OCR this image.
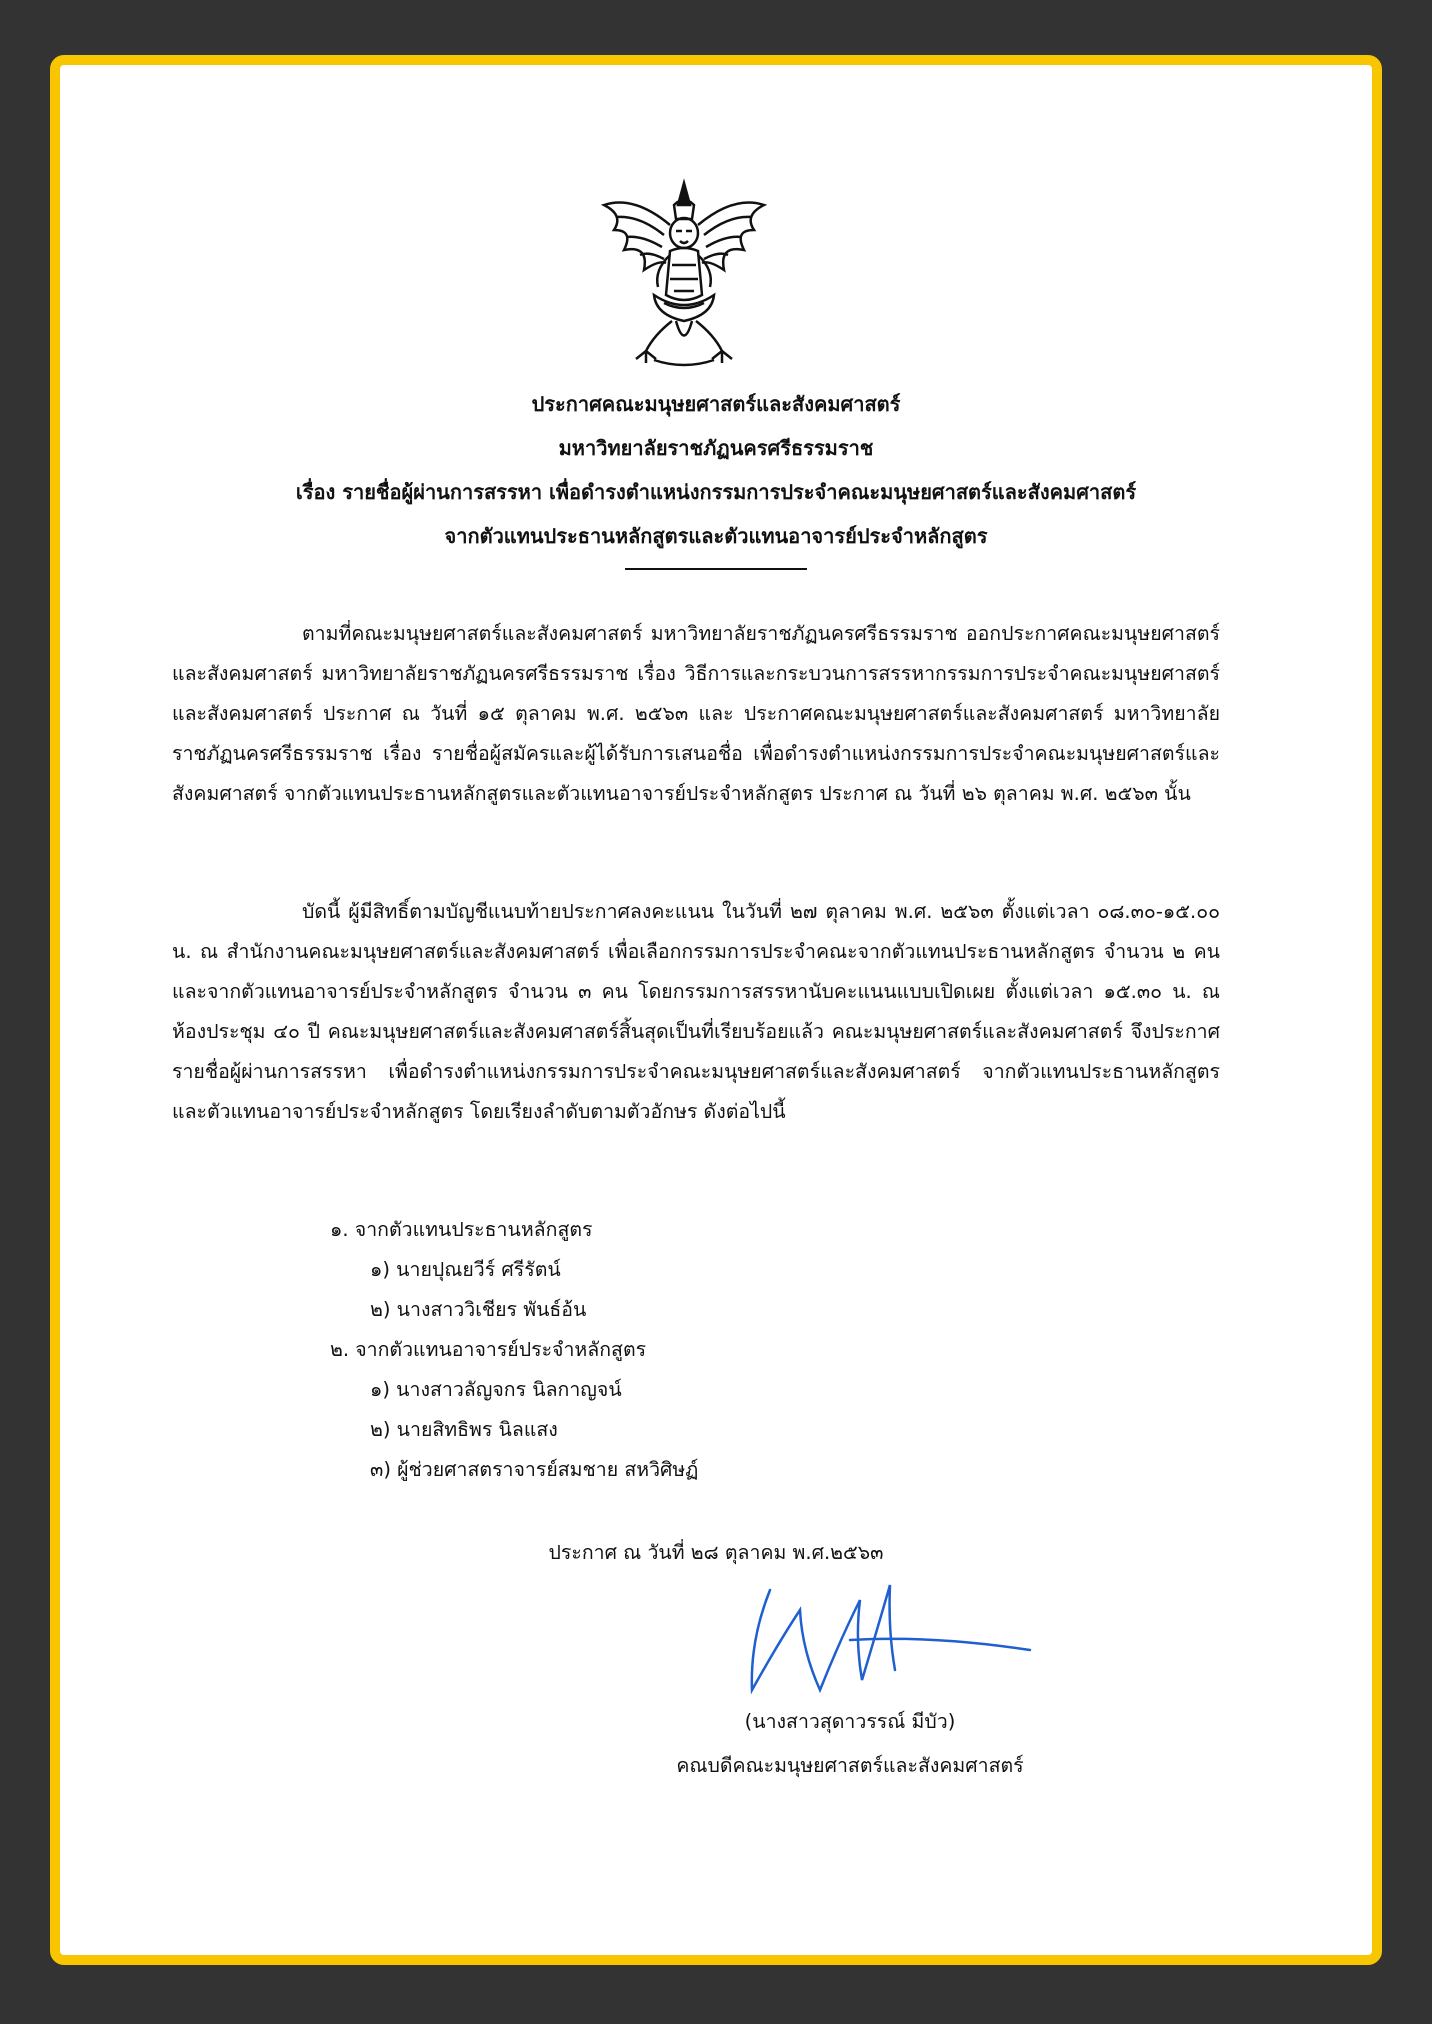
ประกาศคณะมนุษยศาสตร์และสังคมศาสตร์
มหาวิทยาลัยราชภัฏนครศรีธรรมราช
เรื่อง รายชื่อผู้ผ่านการสรรหา เพื่อดำรงตำแหน่งกรรมการประจำคณะมนุษยศาสตร์และสังคมศาสตร์
จากตัวแทนประธานหลักสูตรและตัวแทนอาจารย์ประจำหลักสูตร
ตามที่คณะมนุษยศาสตร์และสังคมศาสตร์ มหาวิทยาลัยราชภัฏนครศรีธรรมราช ออกประกาศคณะมนุษยศาสตร์และสังคมศาสตร์ มหาวิทยาลัยราชภัฏนครศรีธรรมราช เรื่อง วิธีการและกระบวนการสรรหากรรมการประจำคณะมนุษยศาสตร์และสังคมศาสตร์ ประกาศ ณ วันที่ ๑๕ ตุลาคม พ.ศ. ๒๕๖๓ และ ประกาศคณะมนุษยศาสตร์และสังคมศาสตร์ มหาวิทยาลัยราชภัฏนครศรีธรรมราช เรื่อง รายชื่อผู้สมัครและผู้ได้รับการเสนอชื่อ เพื่อดำรงตำแหน่งกรรมการประจำคณะมนุษยศาสตร์และสังคมศาสตร์ จากตัวแทนประธานหลักสูตรและตัวแทนอาจารย์ประจำหลักสูตร ประกาศ ณ วันที่ ๒๖ ตุลาคม พ.ศ. ๒๕๖๓ นั้น
บัดนี้ ผู้มีสิทธิ์ตามบัญชีแนบท้ายประกาศลงคะแนน ในวันที่ ๒๗ ตุลาคม พ.ศ. ๒๕๖๓ ตั้งแต่เวลา ๐๘.๓๐-๑๕.๐๐ น. ณ สำนักงานคณะมนุษยศาสตร์และสังคมศาสตร์ เพื่อเลือกกรรมการประจำคณะจากตัวแทนประธานหลักสูตร จำนวน ๒ คน และจากตัวแทนอาจารย์ประจำหลักสูตร จำนวน ๓ คน โดยกรรมการสรรหานับคะแนนแบบเปิดเผย ตั้งแต่เวลา ๑๕.๓๐ น. ณ ห้องประชุม ๔๐ ปี คณะมนุษยศาสตร์และสังคมศาสตร์สิ้นสุดเป็นที่เรียบร้อยแล้ว คณะมนุษยศาสตร์และสังคมศาสตร์ จึงประกาศรายชื่อผู้ผ่านการสรรหา เพื่อดำรงตำแหน่งกรรมการประจำคณะมนุษยศาสตร์และสังคมศาสตร์ จากตัวแทนประธานหลักสูตรและตัวแทนอาจารย์ประจำหลักสูตร โดยเรียงลำดับตามตัวอักษร ดังต่อไปนี้
๑. จากตัวแทนประธานหลักสูตร
๑) นายปุณยวีร์ ศรีรัตน์
๒) นางสาววิเชียร พันธ์อ้น
๒. จากตัวแทนอาจารย์ประจำหลักสูตร
๑) นางสาวลัญจกร นิลกาญจน์
๒) นายสิทธิพร นิลแสง
๓) ผู้ช่วยศาสตราจารย์สมชาย สหวิศิษฏ์
ประกาศ ณ วันที่ ๒๘ ตุลาคม พ.ศ.๒๕๖๓
(นางสาวสุดาวรรณ์ มีบัว)
คณบดีคณะมนุษยศาสตร์และสังคมศาสตร์
